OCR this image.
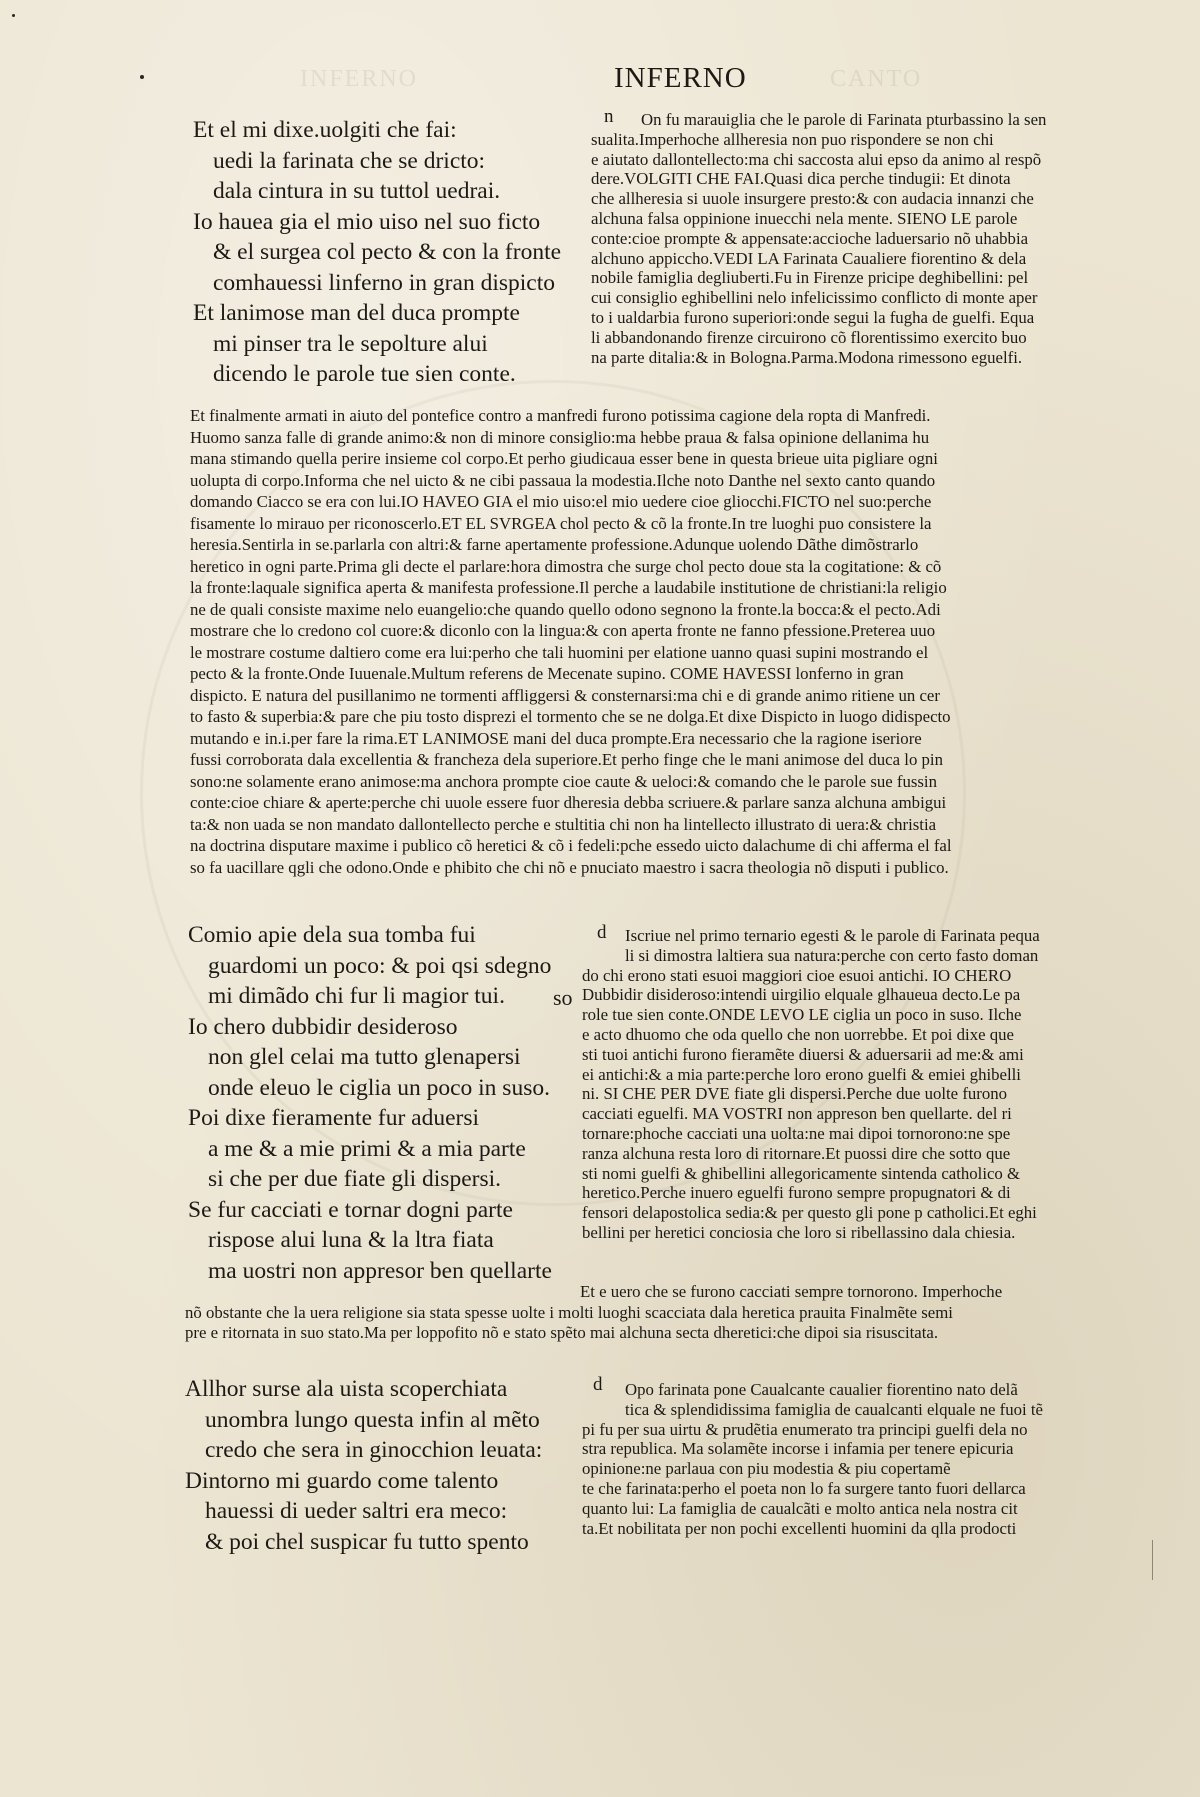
INFERNO	CANTO
INFERNO
Et el mi dixe.uolgiti che fai:
uedi la farinata che se dricto:
dala cintura in su tuttol uedrai.
Io hauea gia el mio uiso nel suo ficto
& el surgea col pecto & con la fronte
comhauessi linferno in gran dispicto
Et lanimose man del duca prompte
mi pinser tra le sepolture alui
dicendo le parole tue sien conte.
n	On fu marauiglia che le parole di Farinata pturbassino la sen
sualita.Imperhoche allheresia non puo rispondere se non chi
e aiutato dallontellecto:ma chi saccosta alui epso da animo al respõ
dere.VOLGITI CHE FAI.Quasi dica perche tindugii: Et dinota
che allheresia si uuole insurgere presto:& con audacia innanzi che
alchuna falsa oppinione inuecchi nela mente. SIENO LE parole
conte:cioe prompte & appensate:accioche laduersario nõ uhabbia
alchuno appiccho.VEDI LA Farinata Caualiere fiorentino & dela
nobile famiglia degliuberti.Fu in Firenze pricipe deghibellini: pel
cui consiglio eghibellini nelo infelicissimo conflicto di monte aper
to i ualdarbia furono superiori:onde segui la fugha de guelfi. Equa
li abbandonando firenze circuirono cõ florentissimo exercito buo
na parte ditalia:& in Bologna.Parma.Modona rimessono eguelfi.
Et finalmente armati in aiuto del pontefice contro a manfredi furono potissima cagione dela ropta di Manfredi.
Huomo sanza falle di grande animo:& non di minore consiglio:ma hebbe praua & falsa opinione dellanima hu
mana stimando quella perire insieme col corpo.Et perho giudicaua esser bene in questa brieue uita pigliare ogni
uolupta di corpo.Informa che nel uicto & ne cibi passaua la modestia.Ilche noto Danthe nel sexto canto quando
domando Ciacco se era con lui.IO HAVEO GIA el mio uiso:el mio uedere cioe gliocchi.FICTO nel suo:perche
fisamente lo mirauo per riconoscerlo.ET EL SVRGEA chol pecto & cõ la fronte.In tre luoghi puo consistere la
heresia.Sentirla in se.parlarla con altri:& farne apertamente professione.Adunque uolendo Dãthe dimõstrarlo
heretico in ogni parte.Prima gli decte el parlare:hora dimostra che surge chol pecto doue sta la cogitatione: & cõ
la fronte:laquale significa aperta & manifesta professione.Il perche a laudabile institutione de christiani:la religio
ne de quali consiste maxime nelo euangelio:che quando quello odono segnono la fronte.la bocca:& el pecto.Adi
mostrare che lo credono col cuore:& diconlo con la lingua:& con aperta fronte ne fanno pfessione.Preterea uuo
le mostrare costume daltiero come era lui:perho che tali huomini per elatione uanno quasi supini mostrando el
pecto & la fronte.Onde Iuuenale.Multum referens de Mecenate supino. COME HAVESSI lonferno in gran
dispicto. E natura del pusillanimo ne tormenti affliggersi & consternarsi:ma chi e di grande animo ritiene un cer
to fasto & superbia:& pare che piu tosto disprezi el tormento che se ne dolga.Et dixe Dispicto in luogo didispecto
mutando e in.i.per fare la rima.ET LANIMOSE mani del duca prompte.Era necessario che la ragione iseriore
fussi corroborata dala excellentia & francheza dela superiore.Et perho finge che le mani animose del duca lo pin
sono:ne solamente erano animose:ma anchora prompte cioe caute & ueloci:& comando che le parole sue fussin
conte:cioe chiare & aperte:perche chi uuole essere fuor dheresia debba scriuere.& parlare sanza alchuna ambigui
ta:& non uada se non mandato dallontellecto perche e stultitia chi non ha lintellecto illustrato di uera:& christia
na doctrina disputare maxime i publico cõ heretici & cõ i fedeli:pche essedo uicto dalachume di chi afferma el fal
so fa uacillare qgli che odono.Onde e phibito che chi nõ e pnuciato maestro i sacra theologia nõ disputi i publico.
Comio apie dela sua tomba fui
guardomi un poco: & poi qsi sdegno
mi dimãdo chi fur li magior tui.
Io chero dubbidir desideroso
non glel celai ma tutto glenapersi
onde eleuo le ciglia un poco in suso.
Poi dixe fieramente fur aduersi
a me & a mie primi & a mia parte
si che per due fiate gli dispersi.
Se fur cacciati e tornar dogni parte
rispose alui luna & la ltra fiata
ma uostri non appresor ben quellarte
so
d	Iscriue nel primo ternario egesti & le parole di Farinata pequa
li si dimostra laltiera sua natura:perche con certo fasto doman
do chi erono stati esuoi maggiori cioe esuoi antichi. IO CHERO
Dubbidir disideroso:intendi uirgilio elquale glhaueua decto.Le pa
role tue sien conte.ONDE LEVO LE ciglia un poco in suso. Ilche
e acto dhuomo che oda quello che non uorrebbe. Et poi dixe que
sti tuoi antichi furono fieramẽte diuersi & aduersarii ad me:& ami
ei antichi:& a mia parte:perche loro erono guelfi & emiei ghibelli
ni. SI CHE PER DVE fiate gli dispersi.Perche due uolte furono
cacciati eguelfi. MA VOSTRI non appreson ben quellarte. del ri
tornare:phoche cacciati una uolta:ne mai dipoi tornorono:ne spe
ranza alchuna resta loro di ritornare.Et puossi dire che sotto que
sti nomi guelfi & ghibellini allegoricamente sintenda catholico &
heretico.Perche inuero eguelfi furono sempre propugnatori & di
fensori delapostolica sedia:& per questo gli pone p catholici.Et eghi
bellini per heretici conciosia che loro si ribellassino dala chiesia.
Et e uero che se furono cacciati sempre tornorono. Imperhoche
nõ obstante che la uera religione sia stata spesse uolte i molti luoghi scacciata dala heretica prauita Finalmẽte semi
pre e ritornata in suo stato.Ma per loppofito nõ e stato spẽto mai alchuna secta dheretici:che dipoi sia risuscitata.
Allhor surse ala uista scoperchiata
unombra lungo questa infin al mẽto
credo che sera in ginocchion leuata:
Dintorno mi guardo come talento
hauessi di ueder saltri era meco:
& poi chel suspicar fu tutto spento
d	Opo farinata pone Caualcante caualier fiorentino nato delã
tica & splendidissima famiglia de caualcanti elquale ne fuoi tẽ
pi fu per sua uirtu & prudẽtia enumerato tra principi guelfi dela no
stra republica. Ma solamẽte incorse i infamia per tenere epicuria
opinione:ne parlaua con piu modestia & piu copertamẽ
te che farinata:perho el poeta non lo fa surgere tanto fuori dellarca
quanto lui: La famiglia de caualcãti e molto antica nela nostra cit
ta.Et nobilitata per non pochi excellenti huomini da qlla prodocti
